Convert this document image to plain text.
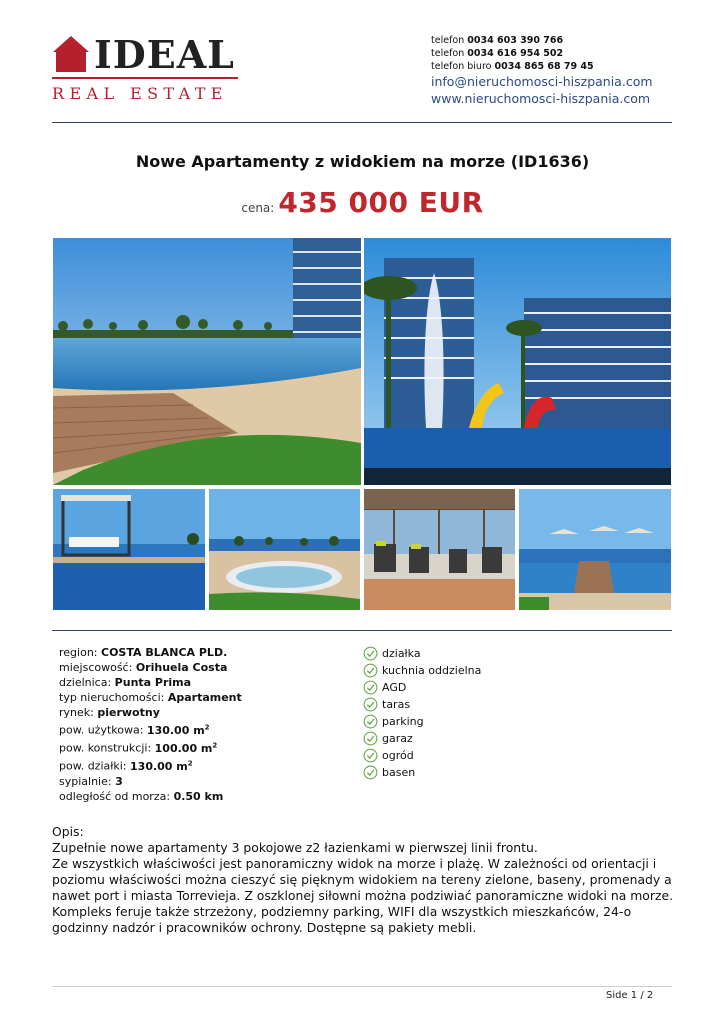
IDEAL
REAL ESTATE
telefon 0034 603 390 766
telefon 0034 616 954 502
telefon biuro 0034 865 68 79 45
info@nieruchomosci-hiszpania.com
www.nieruchomosci-hiszpania.com
Nowe Apartamenty z widokiem na morze (ID1636)
cena: 435 000 EUR
region: COSTA BLANCA PLD.
miejscowość: Orihuela Costa
dzielnica: Punta Prima
typ nieruchomości: Apartament
rynek: pierwotny
pow. użytkowa: 130.00 $m^2$
pow. konstrukcji: 100.00 $m^2$
pow. działki: 130.00 $m^2$
sypialnie: 3
odległość od morza: 0.50 km
działka
kuchnia oddzielna
AGD
taras
parking
garaz
ogród
basen

Opis:

Zupełnie nowe apartamenty 3 pokojowe z2 łazienkami w pierwszej linii frontu.

Ze wszystkich właściwości jest panoramiczny widok na morze i plażę. W zależności od orientacji i poziomu właściwości można cieszyć się pięknym widokiem na tereny zielone, baseny, promenady a nawet port i miasta Torrevieja. Z oszklonej siłowni można podziwiać panoramiczne widoki na morze. Kompleks feruje także strzeżony, podziemny parking, WIFI dla wszystkich mieszkańców, 24-o godzinny nadzór i pracowników ochrony. Dostępne są pakiety mebli.

Side 1 / 2
